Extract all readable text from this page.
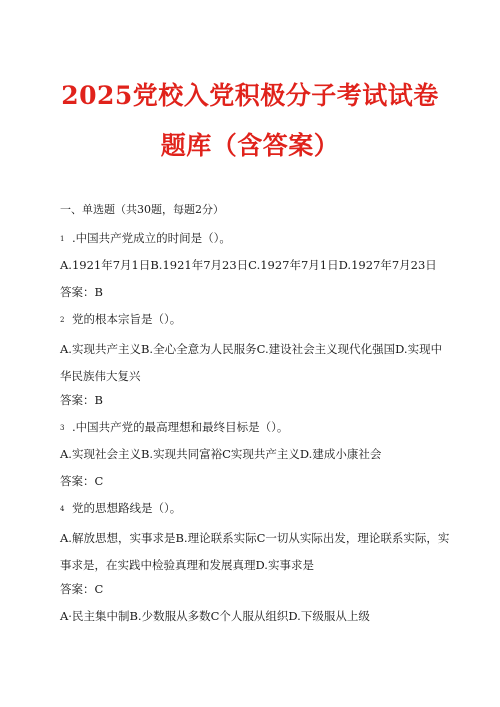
2025党校入党积极分子考试试卷
题库（含答案）
一、单选题（共30题，每题2分）
1 .中国共产党成立的时间是（）。
A.1921年7月1日B.1921年7月23日C.1927年7月1日D.1927年7月23日
答案：B
2 党的根本宗旨是（）。
A.实现共产主义B.全心全意为人民服务C.建设社会主义现代化强国D.实现中华民族伟大复兴
答案：B
3 .中国共产党的最高理想和最终目标是（）。
A.实现社会主义B.实现共同富裕C实现共产主义D.建成小康社会
答案：C
4 党的思想路线是（）。
A.解放思想，实事求是B.理论联系实际C一切从实际出发，理论联系实际，实事求是，在实践中检验真理和发展真理D.实事求是
答案：C
A·民主集中制B.少数服从多数C个人服从组织D.下级服从上级
